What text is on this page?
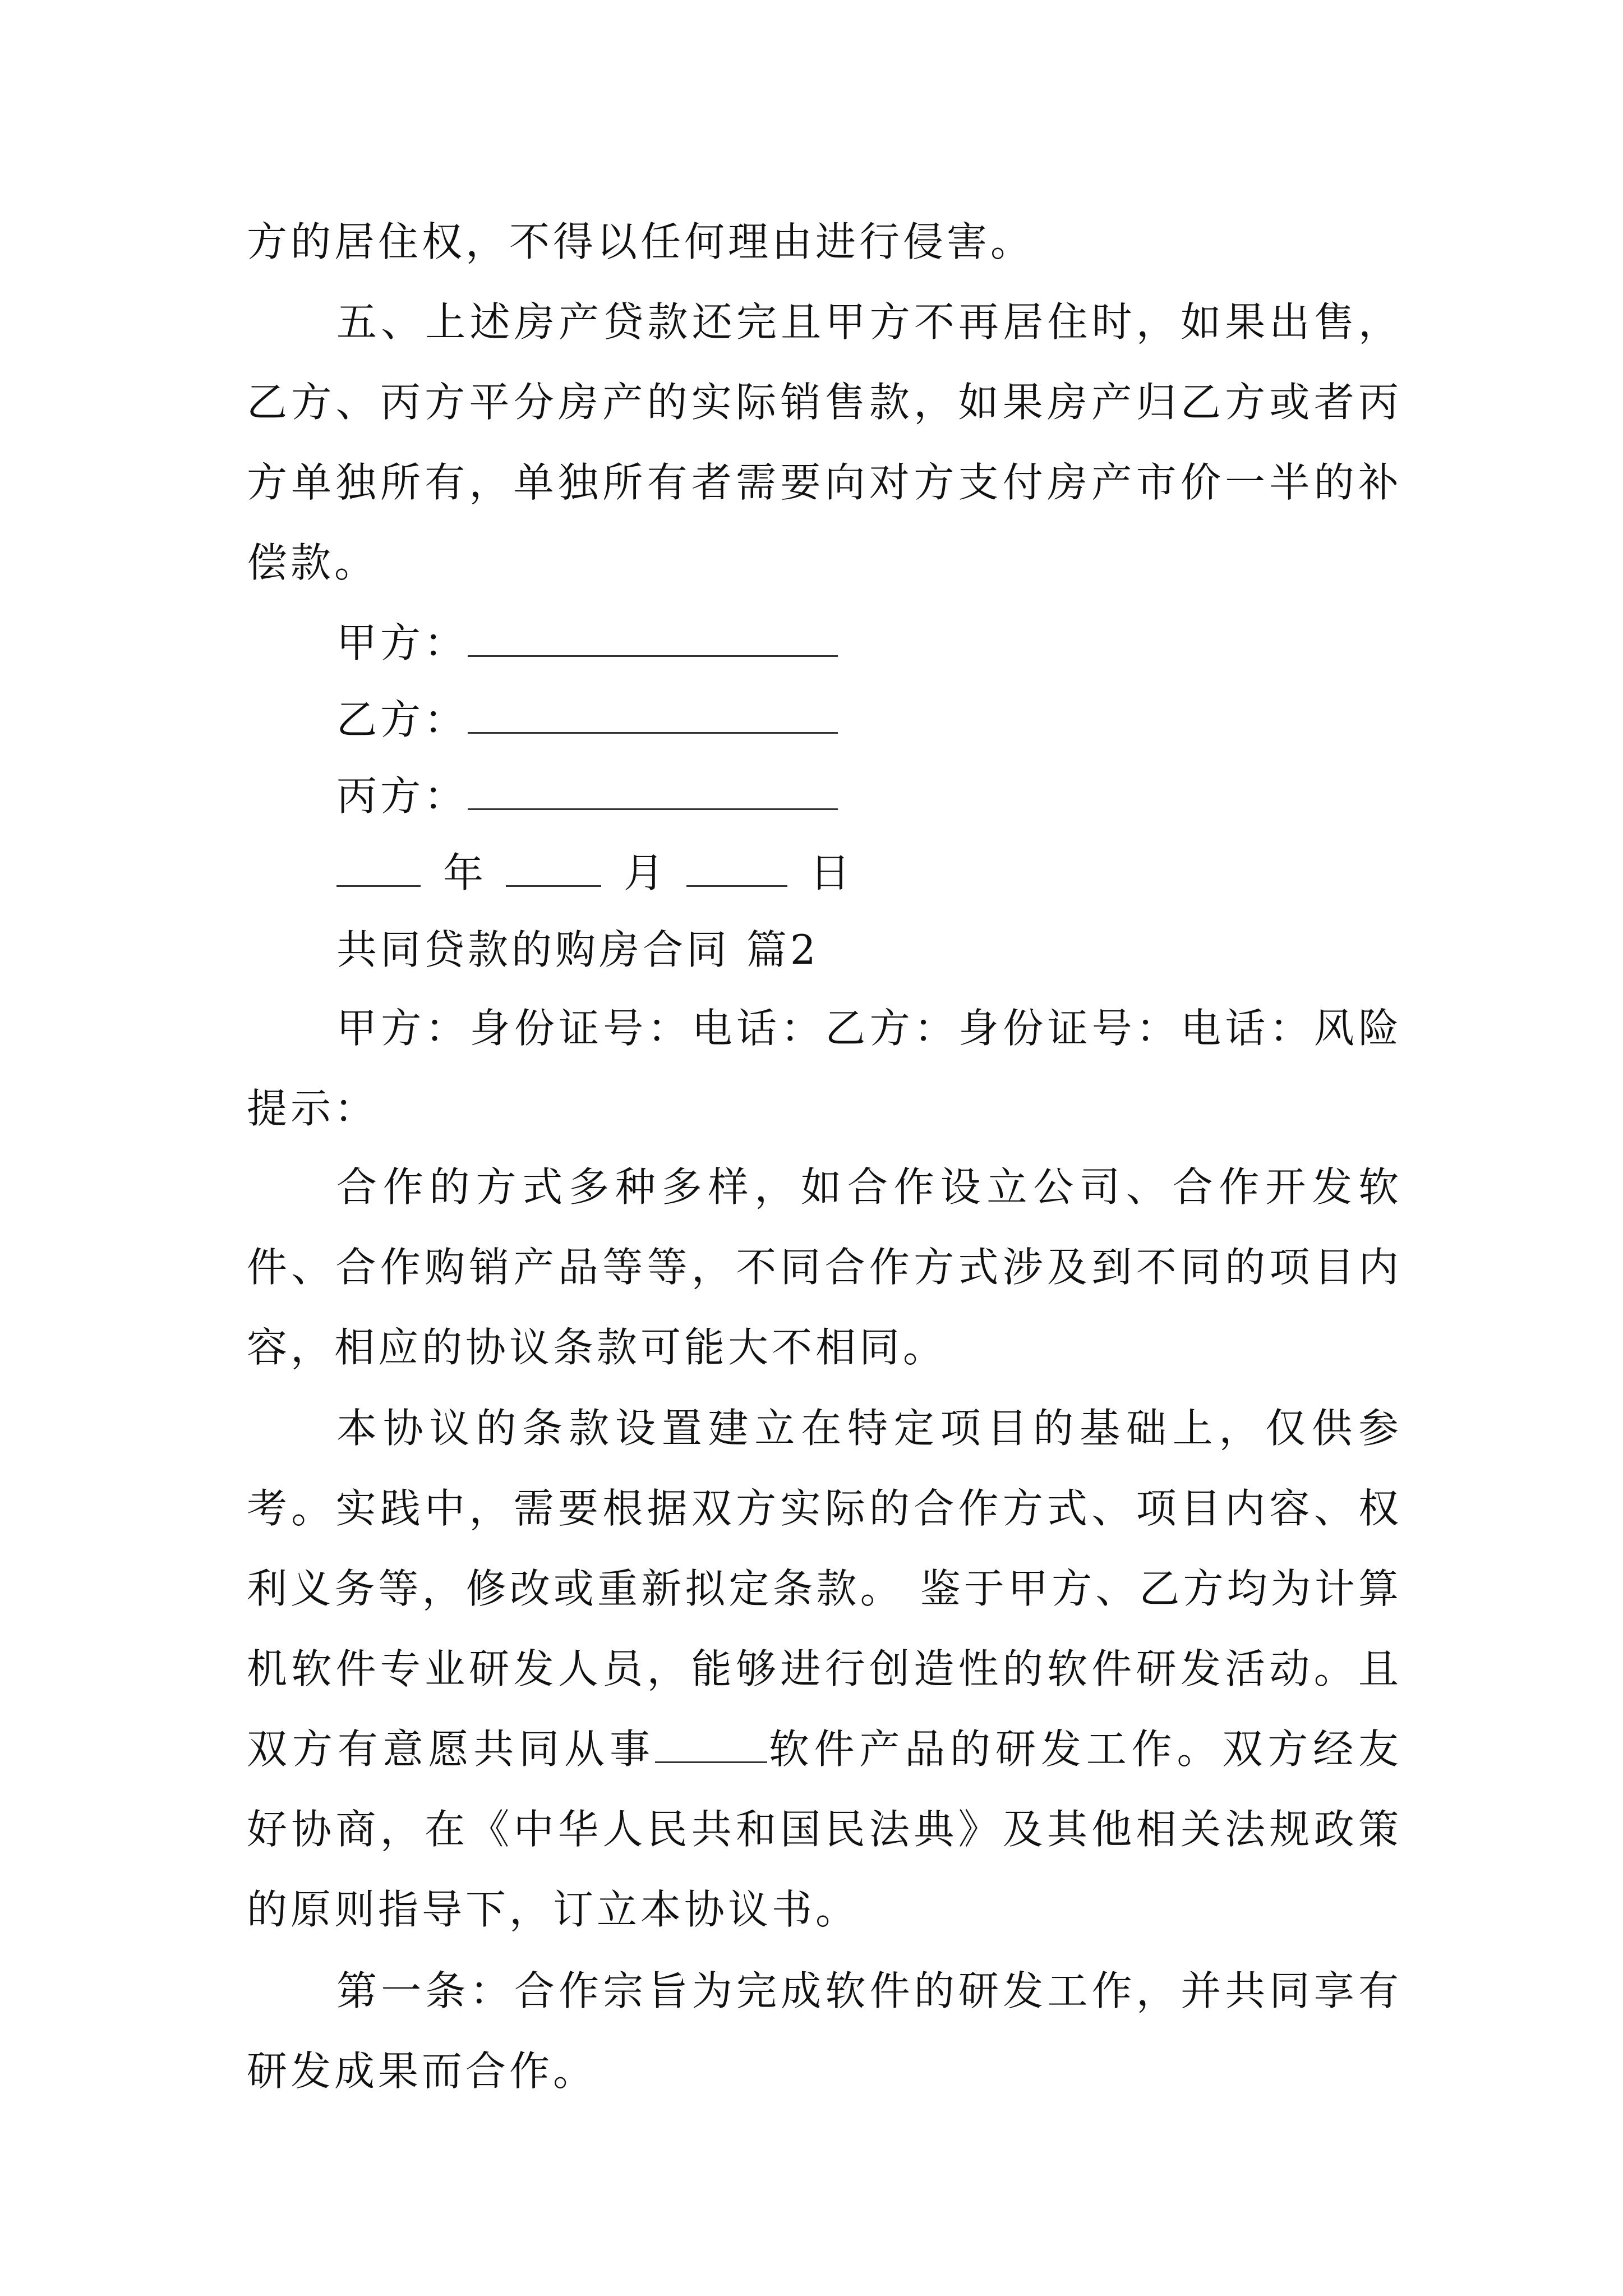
方的居住权，不得以任何理由进行侵害。

五、上述房产贷款还完且甲方不再居住时，如果出售，乙方、丙方平分房产的实际销售款，如果房产归乙方或者丙方单独所有，单独所有者需要向对方支付房产市价一半的补偿款。

甲方：
乙方：
丙方：
年	月	日

共同贷款的购房合同 篇2

甲方：身份证号：电话：乙方：身份证号：电话：风险提示：

合作的方式多种多样，如合作设立公司、合作开发软件、合作购销产品等等，不同合作方式涉及到不同的项目内容，相应的协议条款可能大不相同。

本协议的条款设置建立在特定项目的基础上，仅供参考。实践中，需要根据双方实际的合作方式、项目内容、权利义务等，修改或重新拟定条款。 鉴于甲方、乙方均为计算机软件专业研发人员，能够进行创造性的软件研发活动。且双方有意愿共同从事	软件产品的研发工作。双方经友好协商，在《中华人民共和国民法典》及其他相关法规政策的原则指导下，订立本协议书。

第一条：合作宗旨为完成软件的研发工作，并共同享有研发成果而合作。
